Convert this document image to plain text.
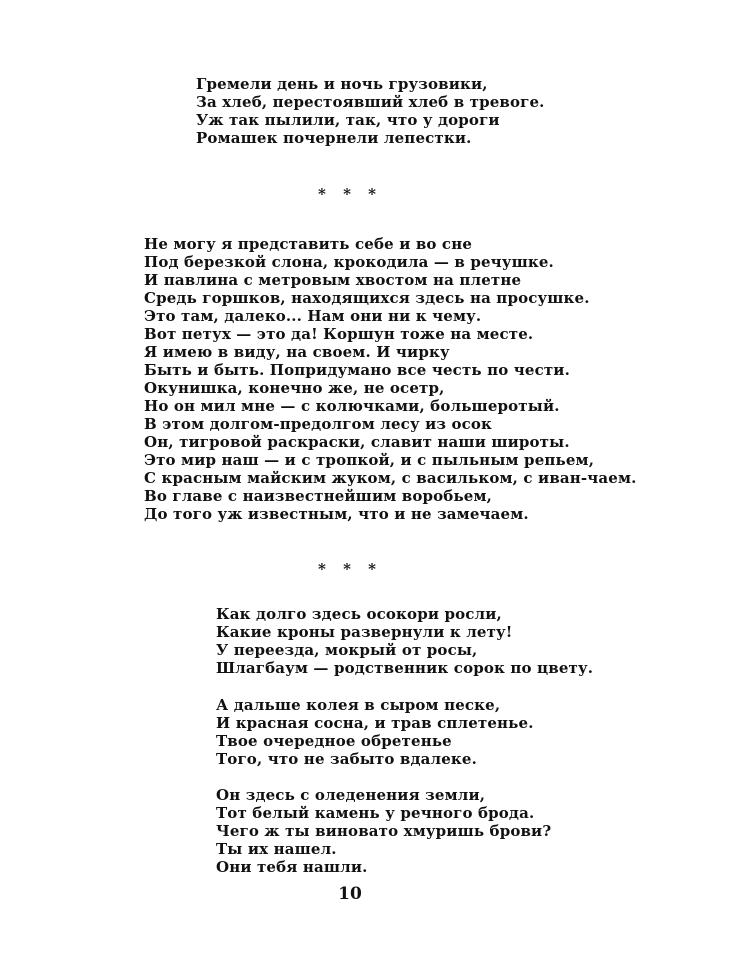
Гремели день и ночь грузовики,
За хлеб, перестоявший хлеб в тревоге.
Уж так пылили, так, что у дороги
Ромашек почернели лепестки.
* * *
Не могу я представить себе и во сне
Под березкой слона, крокодила — в речушке.
И павлина с метровым хвостом на плетне
Средь горшков, находящихся здесь на просушке.
Это там, далеко... Нам они ни к чему.
Вот петух — это да! Коршун тоже на месте.
Я имею в виду, на своем. И чирку
Быть и быть. Попридумано все честь по чести.
Окунишка, конечно же, не осетр,
Но он мил мне — с колючками, большеротый.
В этом долгом-предолгом лесу из осок
Он, тигровой раскраски, славит наши широты.
Это мир наш — и с тропкой, и с пыльным репьем,
С красным майским жуком, с васильком, с иван-чаем.
Во главе с наизвестнейшим воробьем,
До того уж известным, что и не замечаем.
* * *
Как долго здесь осокори росли,
Какие кроны развернули к лету!
У переезда, мокрый от росы,
Шлагбаум — родственник сорок по цвету.
А дальше колея в сыром песке,
И красная сосна, и трав сплетенье.
Твое очередное обретенье
Того, что не забыто вдалеке.
Он здесь с оледенения земли,
Тот белый камень у речного брода.
Чего ж ты виновато хмуришь брови?
Ты их нашел.
Они тебя нашли.
10
